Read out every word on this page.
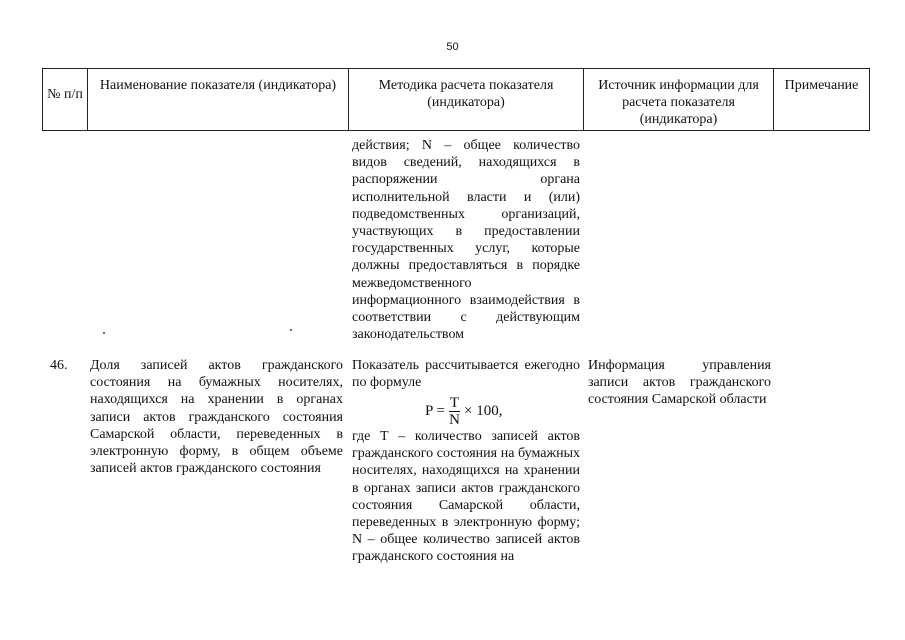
50
№ п/п
Наименование показателя (индикатора)	Методика расчета показателя (индикатора)
Источник информации для расчета показателя (индикатора)
Примечание
действия; N – общее количество видов сведений, находящихся в распоряжении органа исполнительной власти и (или) подведомственных организаций, участвующих в предоставлении государственных услуг, которые должны предоставляться в порядке межведомственного информационного взаимодействия в соответствии с действующим законодательством
46. Доля записей актов гражданского состояния на бумажных носителях, находящихся на хранении в органах записи актов гражданского состояния Самарской области, переведенных в электронную форму, в общем объеме записей актов гражданского состояния
Показатель рассчитывается ежегодно по формуле
$P = \frac{T}{N} \times 100$,
где Т – количество записей актов гражданского состояния на бумажных носителях, находящихся на хранении в органах записи актов гражданского состояния Самарской области, переведенных в электронную форму; N – общее количество записей актов гражданского состояния на
Информация управления записи актов гражданского состояния Самарской области
